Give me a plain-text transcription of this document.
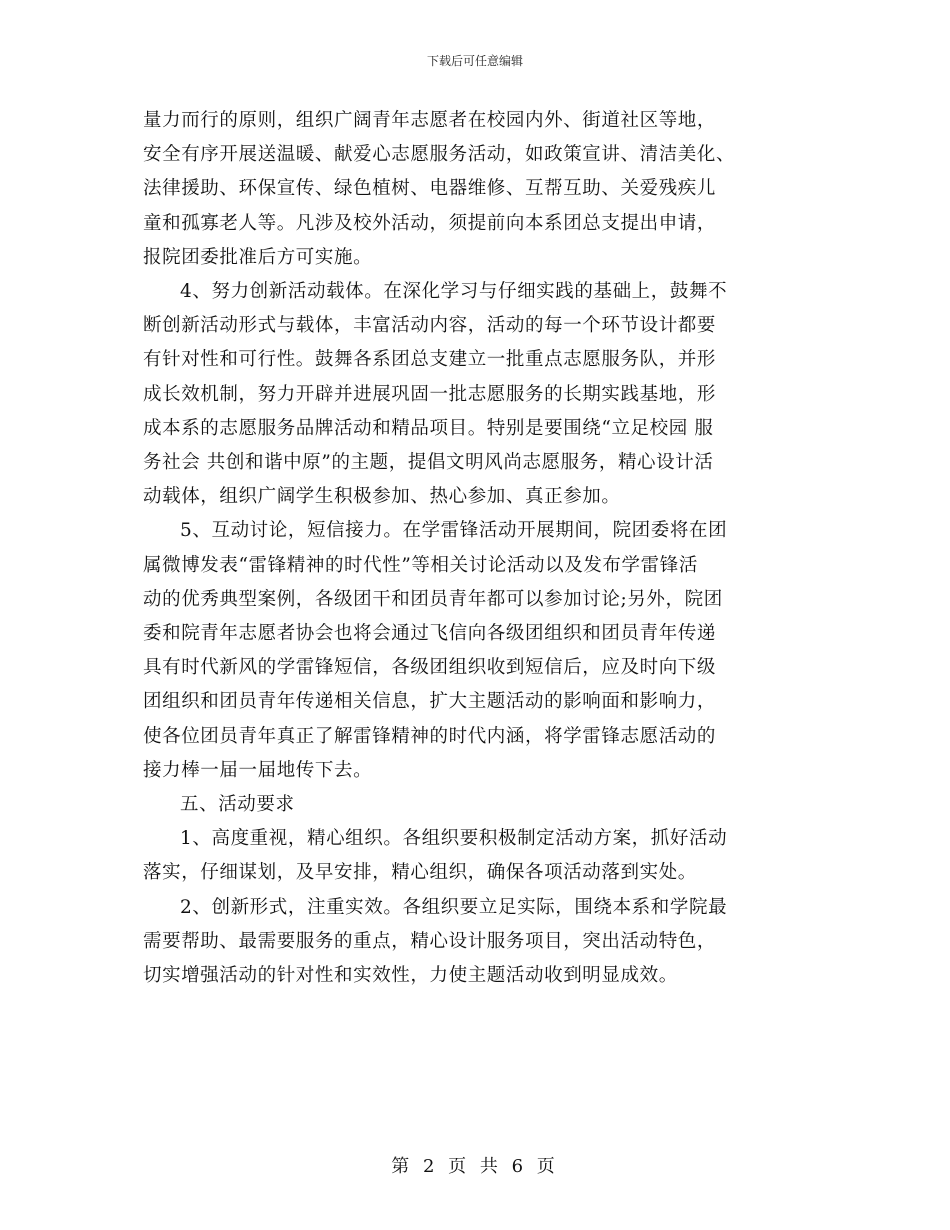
下载后可任意编辑
量力而行的原则，组织广阔青年志愿者在校园内外、街道社区等地，
安全有序开展送温暖、献爱心志愿服务活动，如政策宣讲、清洁美化、
法律援助、环保宣传、绿色植树、电器维修、互帮互助、关爱残疾儿
童和孤寡老人等。凡涉及校外活动，须提前向本系团总支提出申请，
报院团委批准后方可实施。
4、努力创新活动载体。在深化学习与仔细实践的基础上，鼓舞不
断创新活动形式与载体，丰富活动内容，活动的每一个环节设计都要
有针对性和可行性。鼓舞各系团总支建立一批重点志愿服务队，并形
成长效机制，努力开辟并进展巩固一批志愿服务的长期实践基地，形
成本系的志愿服务品牌活动和精品项目。特别是要围绕“立足校园 服
务社会 共创和谐中原”的主题，提倡文明风尚志愿服务，精心设计活
动载体，组织广阔学生积极参加、热心参加、真正参加。
5、互动讨论，短信接力。在学雷锋活动开展期间，院团委将在团
属微博发表“雷锋精神的时代性”等相关讨论活动以及发布学雷锋活
动的优秀典型案例，各级团干和团员青年都可以参加讨论;另外，院团
委和院青年志愿者协会也将会通过飞信向各级团组织和团员青年传递
具有时代新风的学雷锋短信，各级团组织收到短信后，应及时向下级
团组织和团员青年传递相关信息，扩大主题活动的影响面和影响力，
使各位团员青年真正了解雷锋精神的时代内涵，将学雷锋志愿活动的
接力棒一届一届地传下去。
五、活动要求
1、高度重视，精心组织。各组织要积极制定活动方案，抓好活动
落实，仔细谋划，及早安排，精心组织，确保各项活动落到实处。
2、创新形式，注重实效。各组织要立足实际，围绕本系和学院最
需要帮助、最需要服务的重点，精心设计服务项目，突出活动特色，
切实增强活动的针对性和实效性，力使主题活动收到明显成效。
第 2 页 共 6 页
